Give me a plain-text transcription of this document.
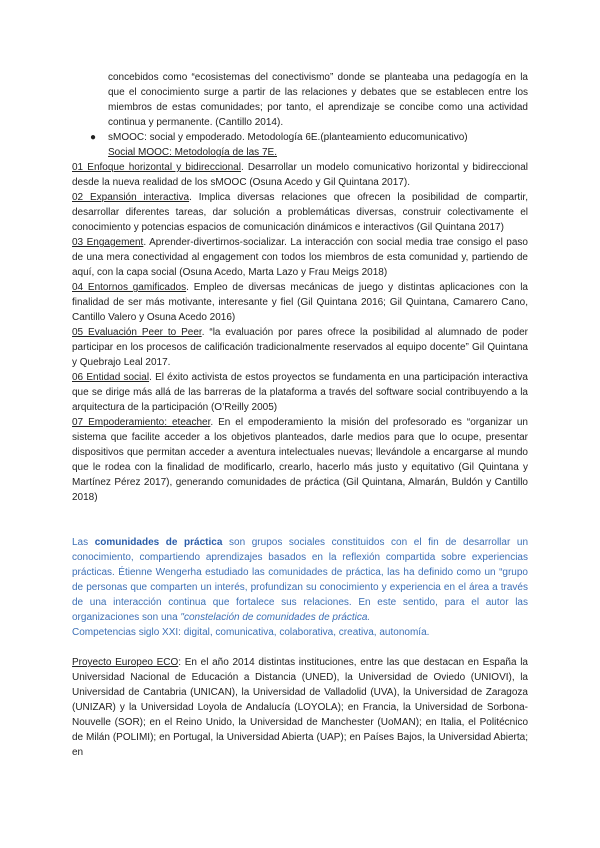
concebidos como “ecosistemas del conectivismo” donde se planteaba una pedagogía en la que el conocimiento surge a partir de las relaciones y debates que se establecen entre los miembros de estas comunidades; por tanto, el aprendizaje se concibe como una actividad continua y permanente. (Cantillo 2014).

● sMOOC: social y empoderado. Metodología 6E.(planteamiento educomunicativo)
Social MOOC: Metodología de las 7E.

01 Enfoque horizontal y bidireccional. Desarrollar un modelo comunicativo horizontal y bidireccional desde la nueva realidad de los sMOOC (Osuna Acedo y Gil Quintana 2017).

02 Expansión interactiva. Implica diversas relaciones que ofrecen la posibilidad de compartir, desarrollar diferentes tareas, dar solución a problemáticas diversas, construir colectivamente el conocimiento y potencias espacios de comunicación dinámicos e interactivos (Gil Quintana 2017)

03 Engagement. Aprender-divertirnos-socializar. La interacción con social media trae consigo el paso de una mera conectividad al engagement con todos los miembros de esta comunidad y, partiendo de aquí, con la capa social (Osuna Acedo, Marta Lazo y Frau Meigs 2018)

04 Entornos gamificados. Empleo de diversas mecánicas de juego y distintas aplicaciones con la finalidad de ser más motivante, interesante y fiel (Gil Quintana 2016; Gil Quintana, Camarero Cano, Cantillo Valero y Osuna Acedo 2016)

05 Evaluación Peer to Peer. “la evaluación por pares ofrece la posibilidad al alumnado de poder participar en los procesos de calificación tradicionalmente reservados al equipo docente” Gil Quintana y Quebrajo Leal 2017.

06 Entidad social. El éxito activista de estos proyectos se fundamenta en una participación interactiva que se dirige más allá de las barreras de la plataforma a través del software social contribuyendo a la arquitectura de la participación (O’Reilly 2005)

07 Empoderamiento: eteacher. En el empoderamiento la misión del profesorado es “organizar un sistema que facilite acceder a los objetivos planteados, darle medios para que lo ocupe, presentar dispositivos que permitan acceder a aventura intelectuales nuevas; llevándole a encargarse al mundo que le rodea con la finalidad de modificarlo, crearlo, hacerlo más justo y equitativo (Gil Quintana y Martínez Pérez 2017), generando comunidades de práctica (Gil Quintana, Almarán, Buldón y Cantillo 2018)

Las comunidades de práctica son grupos sociales constituidos con el fin de desarrollar un conocimiento, compartiendo aprendizajes basados en la reflexión compartida sobre experiencias prácticas. Étienne Wengerha estudiado las comunidades de práctica, las ha definido como un “grupo de personas que comparten un interés, profundizan su conocimiento y experiencia en el área a través de una interacción continua que fortalece sus relaciones. En este sentido, para el autor las organizaciones son una "constelación de comunidades de práctica.

Competencias siglo XXI: digital, comunicativa, colaborativa, creativa, autonomía.

Proyecto Europeo ECO: En el año 2014 distintas instituciones, entre las que destacan en España la Universidad Nacional de Educación a Distancia (UNED), la Universidad de Oviedo (UNIOVI), la Universidad de Cantabria (UNICAN), la Universidad de Valladolid (UVA), la Universidad de Zaragoza (UNIZAR) y la Universidad Loyola de Andalucía (LOYOLA); en Francia, la Universidad de Sorbona- Nouvelle (SOR); en el Reino Unido, la Universidad de Manchester (UoMAN); en Italia, el Politécnico de Milán (POLIMI); en Portugal, la Universidad Abierta (UAP); en Países Bajos, la Universidad Abierta; en
